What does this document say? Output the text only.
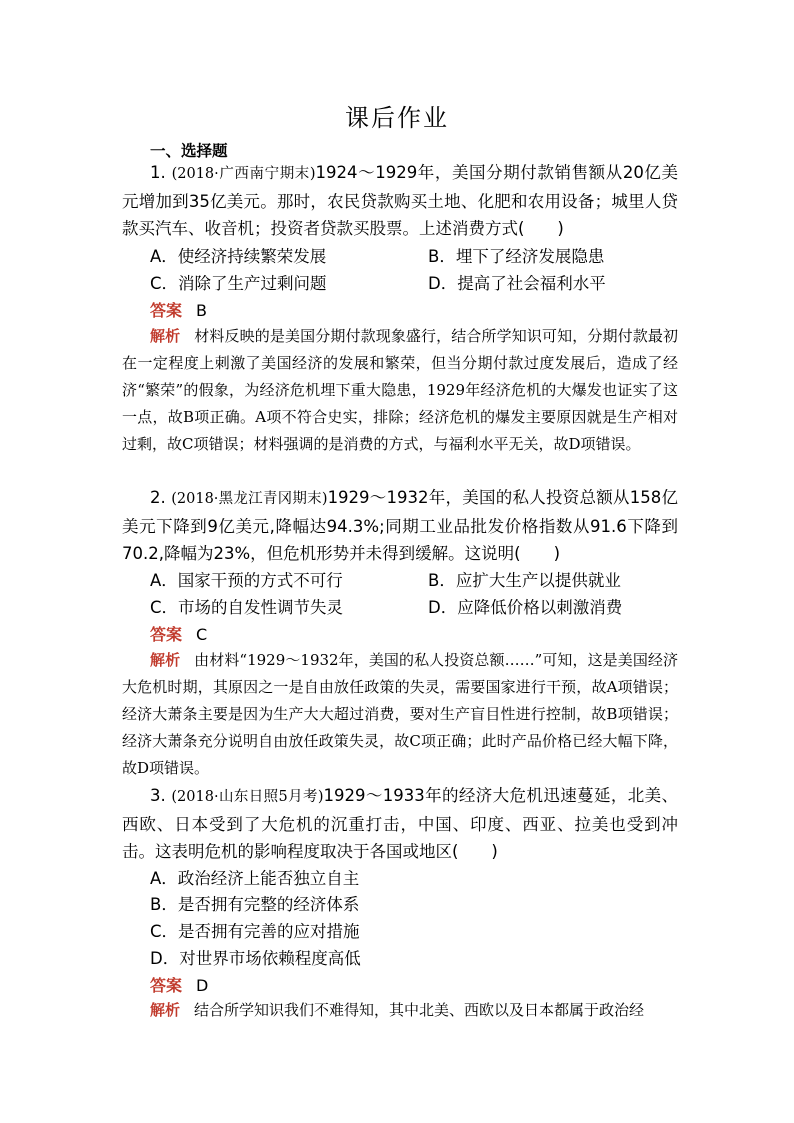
课后作业
一、选择题
1. (2018·广西南宁期末)1924～1929年，美国分期付款销售额从20亿美元增加到35亿美元。那时，农民贷款购买土地、化肥和农用设备；城里人贷款买汽车、收音机；投资者贷款买股票。上述消费方式(　　)
A．使经济持续繁荣发展	B．埋下了经济发展隐患
C．消除了生产过剩问题	D．提高了社会福利水平
答案 B
解析 材料反映的是美国分期付款现象盛行，结合所学知识可知，分期付款最初在一定程度上刺激了美国经济的发展和繁荣，但当分期付款过度发展后，造成了经济“繁荣”的假象，为经济危机埋下重大隐患，1929年经济危机的大爆发也证实了这一点，故B项正确。A项不符合史实，排除；经济危机的爆发主要原因就是生产相对过剩，故C项错误；材料强调的是消费的方式，与福利水平无关，故D项错误。
2. (2018·黑龙江青冈期末)1929～1932年，美国的私人投资总额从158亿美元下降到9亿美元,降幅达94.3%;同期工业品批发价格指数从91.6下降到70.2,降幅为23%，但危机形势并未得到缓解。这说明(　　)
A．国家干预的方式不可行	B．应扩大生产以提供就业
C．市场的自发性调节失灵	D．应降低价格以刺激消费
答案 C
解析 由材料“1929～1932年，美国的私人投资总额……”可知，这是美国经济大危机时期，其原因之一是自由放任政策的失灵，需要国家进行干预，故A项错误；经济大萧条主要是因为生产大大超过消费，要对生产盲目性进行控制，故B项错误；经济大萧条充分说明自由放任政策失灵，故C项正确；此时产品价格已经大幅下降，故D项错误。
3. (2018·山东日照5月考)1929～1933年的经济大危机迅速蔓延，北美、西欧、日本受到了大危机的沉重打击，中国、印度、西亚、拉美也受到冲击。这表明危机的影响程度取决于各国或地区(　　)
A．政治经济上能否独立自主
B．是否拥有完整的经济体系
C．是否拥有完善的应对措施
D．对世界市场依赖程度高低
答案 D
解析 结合所学知识我们不难得知，其中北美、西欧以及日本都属于政治经
